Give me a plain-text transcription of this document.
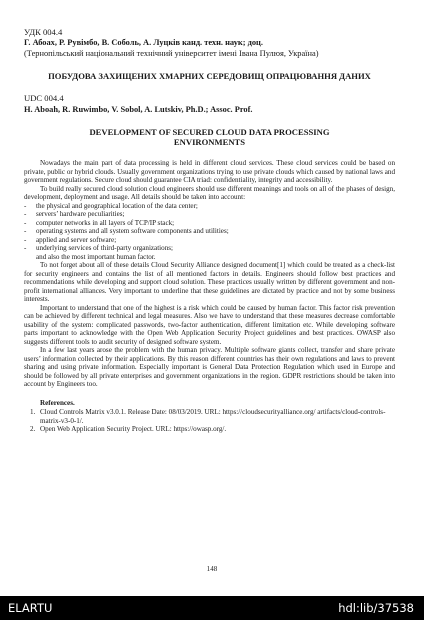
УДК 004.4

Г. Абоах, Р. Рувімбо, В. Соболь, А. Луцків канд. техн. наук; доц.

(Тернопільський національний технічний університет імені Івана Пулюя, Україна)

ПОБУДОВА ЗАХИЩЕНИХ ХМАРНИХ СЕРЕДОВИЩ ОПРАЦЮВАННЯ ДАНИХ

UDC 004.4

H. Aboah, R. Ruwimbo, V. Sobol, A. Lutskiv, Ph.D.; Assoc. Prof.

DEVELOPMENT OF SECURED CLOUD DATA PROCESSING ENVIRONMENTS

Nowadays the main part of data processing is held in different cloud services. These cloud services could be based on private, public or hybrid clouds. Usually government organizations trying to use private clouds which caused by national laws and government regulations. Secure cloud should guarantee CIA triad: confidentiality, integrity and accessibility.

To build really secured cloud solution cloud engineers should use different meanings and tools on all of the phases of design, development, deployment and usage. All details should be taken into account:

- the physical and geographical location of the data center;
- servers’ hardware peculiarities;
- computer networks in all layers of TCP/IP stack;
- operating systems and all system software components and utilities;
- applied and server software;
- underlying services of third-party organizations;

and also the most important human factor.

To not forget about all of these details Cloud Security Alliance designed document[1] which could be treated as a check-list for security engineers and contains the list of all mentioned factors in details. Engineers should follow best practices and recommendations while developing and support cloud solution. These practices usually written by different government and non-profit international alliances. Very important to underline that these guidelines are dictated by practice and not by some business interests.

Important to understand that one of the highest is a risk which could be caused by human factor. This factor risk prevention can be achieved by different technical and legal measures. Also we have to understand that these measures decrease comfortable usability of the system: complicated passwords, two-factor authentication, different limitation etc. While developing software parts important to acknowledge with the Open Web Application Security Project guidelines and best practices. OWASP also suggests different tools to audit security of designed software system.

In a few last years arose the problem with the human privacy. Multiple software giants collect, transfer and share private users’ information collected by their applications. By this reason different countries has their own regulations and laws to prevent sharing and using private information. Especially important is General Data Protection Regulation which used in Europe and should be followed by all private enterprises and government organizations in the region. GDPR restrictions should be taken into account by Engineers too.

References.

1. Cloud Controls Matrix v3.0.1. Release Date: 08/03/2019. URL: https://cloudsecurityalliance.org/ artifacts/cloud-controls-matrix-v3-0-1/.
2. Open Web Application Security Project. URL: https://owasp.org/.
148
ELARTU	hdl:lib/37538
